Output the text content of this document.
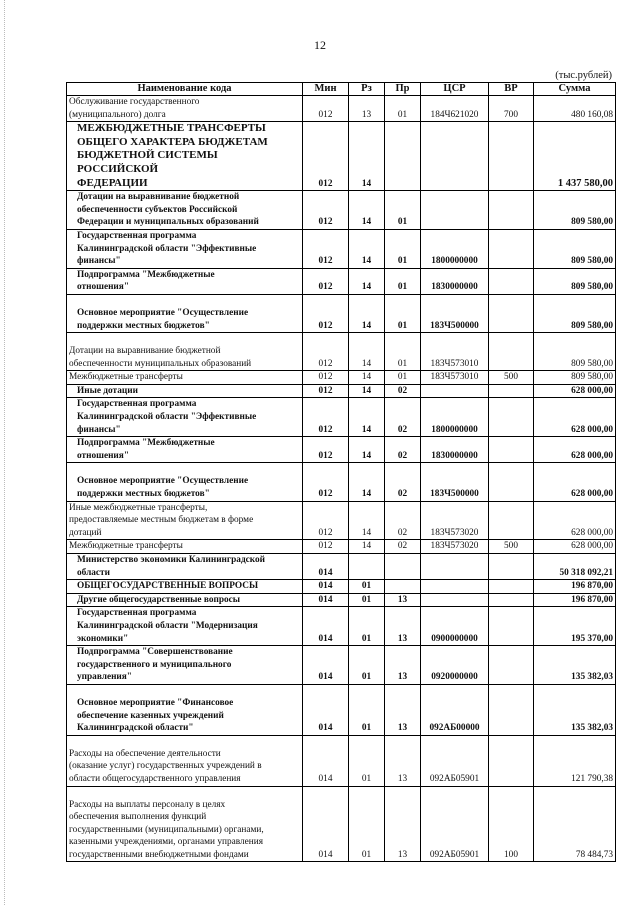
12
(тыс.рублей)
Наименование кода	Мин	Рз	Пр	ЦСР	ВР	Сумма
Обслуживание государственного
(муниципального) долга	012	13	01	184Ч621020	700	480 160,08
МЕЖБЮДЖЕТНЫЕ ТРАНСФЕРТЫ
ОБЩЕГО ХАРАКТЕРА БЮДЖЕТАМ
БЮДЖЕТНОЙ СИСТЕМЫ РОССИЙСКОЙ
ФЕДЕРАЦИИ	012	14				1 437 580,00
Дотации на выравнивание бюджетной
обеспеченности субъектов Российской
Федерации и муниципальных образований	012	14	01			809 580,00
Государственная программа
Калининградской области "Эффективные
финансы"	012	14	01	1800000000		809 580,00
Подпрограмма "Межбюджетные
отношения"	012	14	01	1830000000		809 580,00
Основное мероприятие "Осуществление
поддержки местных бюджетов"	012	14	01	183Ч500000		809 580,00
Дотации на выравнивание бюджетной
обеспеченности муниципальных образований	012	14	01	183Ч573010		809 580,00
Межбюджетные трансферты	012	14	01	183Ч573010	500	809 580,00
Иные дотации	012	14	02			628 000,00
Государственная программа
Калининградской области "Эффективные
финансы"	012	14	02	1800000000		628 000,00
Подпрограмма "Межбюджетные
отношения"	012	14	02	1830000000		628 000,00
Основное мероприятие "Осуществление
поддержки местных бюджетов"	012	14	02	183Ч500000		628 000,00
Иные межбюджетные трансферты,
предоставляемые местным бюджетам в форме
дотаций	012	14	02	183Ч573020		628 000,00
Межбюджетные трансферты	012	14	02	183Ч573020	500	628 000,00
Министерство экономики Калининградской
области	014					50 318 092,21
ОБЩЕГОСУДАРСТВЕННЫЕ ВОПРОСЫ	014	01				196 870,00
Другие общегосударственные вопросы	014	01	13			196 870,00
Государственная программа
Калининградской области "Модернизация
экономики"	014	01	13	0900000000		195 370,00
Подпрограмма "Совершенствование
государственного и муниципального
управления"	014	01	13	0920000000		135 382,03
Основное мероприятие "Финансовое
обеспечение казенных учреждений
Калининградской области"	014	01	13	092АБ00000		135 382,03
Расходы на обеспечение деятельности
(оказание услуг) государственных учреждений в
области общегосударственного управления	014	01	13	092АБ05901		121 790,38
Расходы на выплаты персоналу в целях
обеспечения выполнения функций
государственными (муниципальными) органами,
казенными учреждениями, органами управления
государственными внебюджетными фондами	014	01	13	092АБ05901	100	78 484,73
